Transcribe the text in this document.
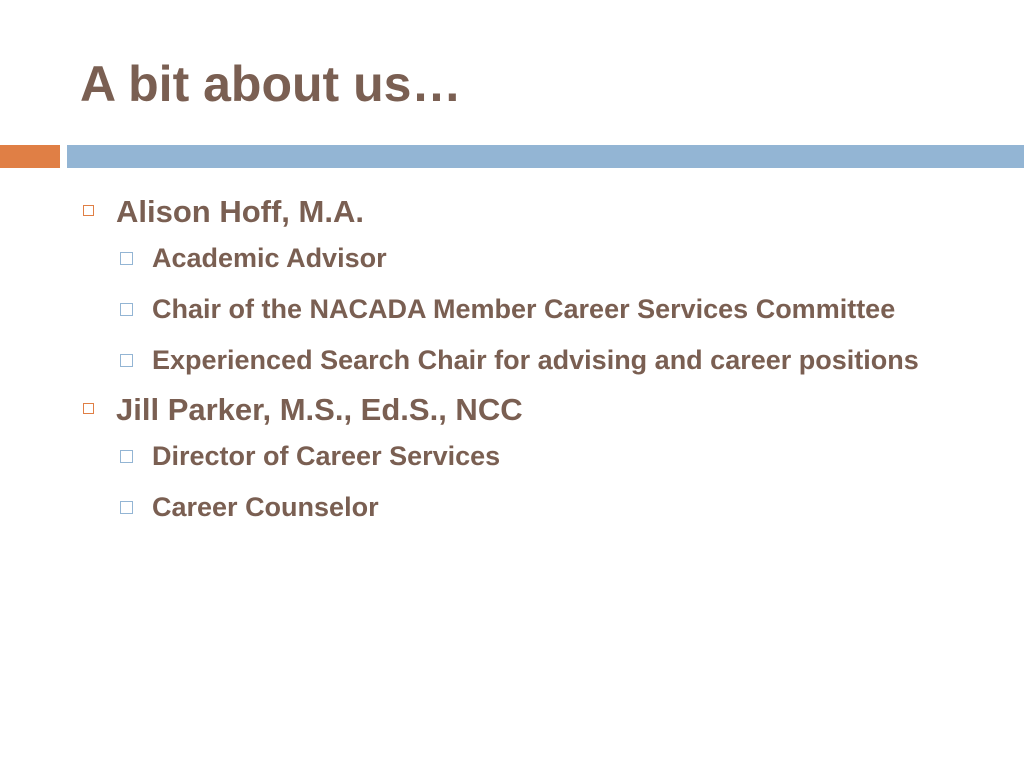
A bit about us…
Alison Hoff, M.A.
Academic Advisor
Chair of the NACADA Member Career Services Committee
Experienced Search Chair for advising and career positions
Jill Parker, M.S., Ed.S., NCC
Director of Career Services
Career Counselor
